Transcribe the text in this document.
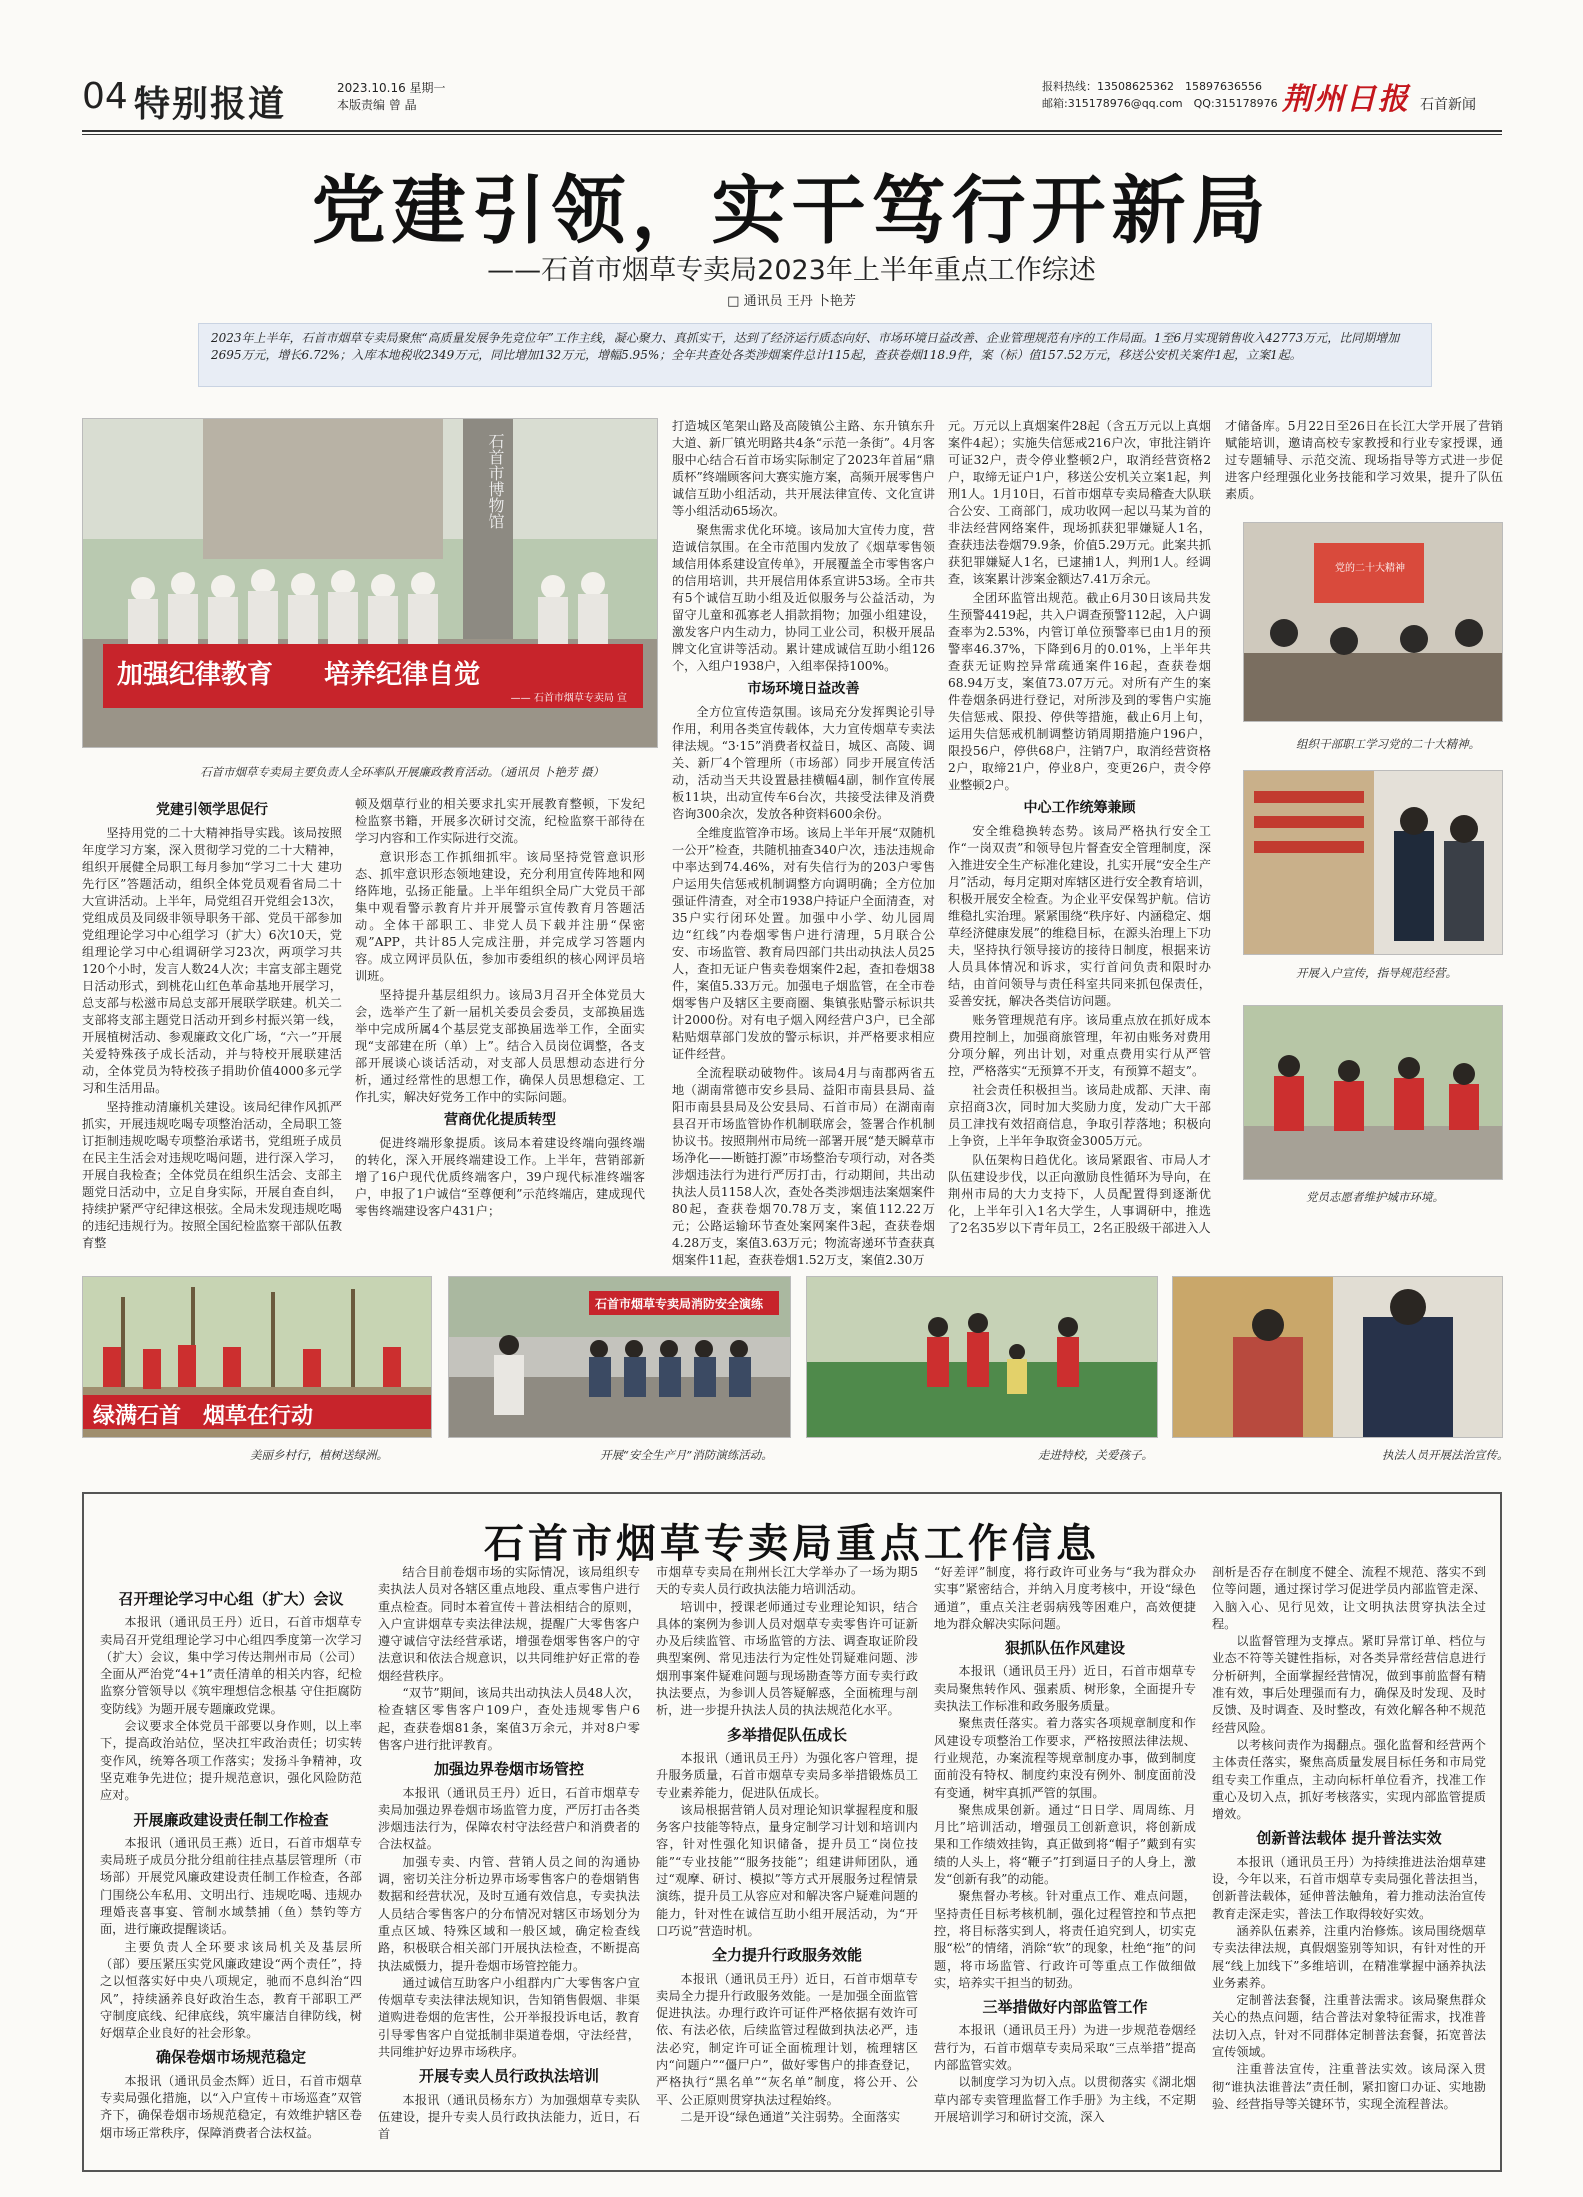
04 特别报道	2023.10.16 星期一
本版责编 曾 晶
报料热线：13508625362　15897636556
邮箱:315178976@qq.com　QQ:315178976 荆州日报 石首新闻
党建引领，实干笃行开新局
——石首市烟草专卖局2023年上半年重点工作综述
□ 通讯员 王丹 卜艳芳
2023年上半年，石首市烟草专卖局聚焦“高质量发展争先竞位年”工作主线，凝心聚力、真抓实干，达到了经济运行质态向好、市场环境日益改善、企业管理规范有序的工作局面。1至6月实现销售收入42773万元，比同期增加2695万元，增长6.72%；入库本地税收2349万元，同比增加132万元，增幅5.95%；全年共查处各类涉烟案件总计115起，查获卷烟118.9件，案（标）值157.52万元，移送公安机关案件1起，立案1起。
石首市博物馆
加强纪律教育 培养纪律自觉
—— 石首市烟草专卖局 宣
石首市烟草专卖局主要负责人全环率队开展廉政教育活动。（通讯员 卜艳芳 摄）
党建引领学思促行

坚持用党的二十大精神指导实践。该局按照年度学习方案，深入贯彻学习党的二十大精神，组织开展健全局职工每月参加“学习二十大 建功先行区”答题活动，组织全体党员观看省局二十大宣讲活动。上半年，局党组召开党组会13次，党组成员及同级非领导职务干部、党员干部参加党组理论学习中心组学习（扩大）6次10天，党组理论学习中心组调研学习23次，两项学习共120个小时，发言人数24人次；丰富支部主题党日活动形式，到桃花山红色革命基地开展学习，总支部与松滋市局总支部开展联学联建。机关二支部将支部主题党日活动开到乡村振兴第一线，开展植树活动、参观廉政文化广场，“六一”开展关爱特殊孩子成长活动，并与特校开展联建活动，全体党员为特校孩子捐助价值4000多元学习和生活用品。

坚持推动清廉机关建设。该局纪律作风抓严抓实，开展违规吃喝专项整治活动，全局职工签订拒制违规吃喝专项整治承诺书，党组班子成员在民主生活会对违规吃喝问题，进行深入学习，开展自我检查；全体党员在组织生活会、支部主题党日活动中，立足自身实际，开展自查自纠，持续护紧严守纪律这根弦。全局未发现违规吃喝的违纪违规行为。按照全国纪检监察干部队伍教育整

顿及烟草行业的相关要求扎实开展教育整顿，下发纪检监察书籍，开展多次研讨交流，纪检监察干部待在学习内容和工作实际进行交流。

意识形态工作抓细抓牢。该局坚持党管意识形态、抓牢意识形态领地建设，充分利用宣传阵地和网络阵地，弘扬正能量。上半年组织全局广大党员干部集中观看警示教育片并开展警示宣传教育月答题活动。全体干部职工、非党人员下载并注册“保密观”APP，共计85人完成注册，并完成学习答题内容。成立网评员队伍，参加市委组织的核心网评员培训班。

坚持提升基层组织力。该局3月召开全体党员大会，选举产生了新一届机关委员会委员，支部换届选举中完成所属4个基层党支部换届选举工作，全面实现“支部建在所（单）上”。结合入员岗位调整，各支部开展谈心谈话活动，对支部人员思想动态进行分析，通过经常性的思想工作，确保人员思想稳定、工作扎实，解决好党务工作中的实际问题。

营商优化提质转型

促进终端形象提质。该局本着建设终端向强终端的转化，深入开展终端建设工作。上半年，营销部新增了16户现代优质终端客户，39户现代标准终端客户，申报了1户诚信“至尊便利”示范终端店，建成现代零售终端建设客户431户；

打造城区笔架山路及高陵镇公主路、东升镇东升大道、新厂镇光明路共4条“示范一条街”。4月客服中心结合石首市场实际制定了2023年首届“鼎质杯”终端顾客问大赛实施方案，高频开展零售户诚信互助小组活动，共开展法律宣传、文化宣讲等小组活动65场次。

聚焦需求优化环境。该局加大宣传力度，营造诚信氛围。在全市范围内发放了《烟草零售领域信用体系建设宣传单》，开展覆盖全市零售客户的信用培训，共开展信用体系宣讲53场。全市共有5个诚信互助小组及近似服务与公益活动，为留守儿童和孤寡老人捐款捐物；加强小组建设，激发客户内生动力，协同工业公司，积极开展品牌文化宣讲等活动。累计建成诚信互助小组126个，入组户1938户，入组率保持100%。

市场环境日益改善

全方位宣传造氛围。该局充分发挥舆论引导作用，利用各类宣传载体，大力宣传烟草专卖法律法规。“3·15”消费者权益日，城区、高陵、调关、新厂4个管理所（市场部）同步开展宣传活动，活动当天共设置悬挂横幅4副，制作宣传展板11块，出动宣传车6台次，共接受法律及消费咨询300余次，发放各种资料600余份。

全维度监管净市场。该局上半年开展“双随机一公开”检查，共随机抽查340户次，违法违规命中率达到74.46%，对有失信行为的203户零售户运用失信惩戒机制调整方向调明确；全方位加强证件清查，对全市1938户持证户全面清查，对35户实行闭环处置。加强中小学、幼儿园周边“红线”内卷烟零售户进行清理，5月联合公安、市场监管、教育局四部门共出动执法人员25人，查扣无证户售卖卷烟案件2起，查扣卷烟38件，案值5.33万元。加强电子烟监管，在全市卷烟零售户及辖区主要商圈、集镇张贴警示标识共计2000份。对有电子烟入网经营户3户，已全部粘贴烟草部门发放的警示标识，并严格要求相应证件经营。

全流程联动破物件。该局4月与南郡两省五地（湖南常德市安乡县局、益阳市南县县局、益阳市南县县局及公安县局、石首市局）在湖南南县召开市场监管协作机制联席会，签署合作机制协议书。按照荆州市局统一部署开展“楚天瞬草市场净化——断链打源”市场整治专项行动，对各类涉烟违法行为进行严厉打击，行动期间，共出动执法人员1158人次，查处各类涉烟违法案烟案件80起，查获卷烟70.78万支，案值112.22万元；公路运输环节查处案网案件3起，查获卷烟4.28万支，案值3.63万元；物流寄递环节查获真烟案件11起，查获卷烟1.52万支，案值2.30万

元。万元以上真烟案件28起（含五万元以上真烟案件4起）；实施失信惩戒216户次，审批注销许可证32户，责令停业整顿2户，取消经营资格2户，取缔无证户1户，移送公安机关立案1起，判刑1人。1月10日，石首市烟草专卖局稽查大队联合公安、工商部门，成功收网一起以马某为首的非法经营网络案件，现场抓获犯罪嫌疑人1名，查获违法卷烟79.9条，价值5.29万元。此案共抓获犯罪嫌疑人1名，已逮捕1人，判刑1人。经调查，该案累计涉案金额达7.41万余元。

全团环监管出规范。截止6月30日该局共发生预警4419起，共入户调查预警112起，入户调查率为2.53%，内管订单位预警率已由1月的预警率46.37%，下降到6月的0.01%，上半年共查获无证购控异常疏通案件16起，查获卷烟68.94万支，案值73.07万元。对所有产生的案件卷烟条码进行登记，对所涉及到的零售户实施失信惩戒、限投、停供等措施，截止6月上旬，运用失信惩戒机制调整访销周期措施户196户，限投56户，停供68户，注销7户，取消经营资格2户，取缔21户，停业8户，变更26户，责令停业整顿2户。

中心工作统筹兼顾

安全维稳换转态势。该局严格执行安全工作“一岗双责”和领导包片督查安全管理制度，深入推进安全生产标准化建设，扎实开展“安全生产月”活动，每月定期对库辖区进行安全教育培训，积极开展安全检查。为企业平安保驾护航。信访维稳扎实治理。紧紧围绕“秩序好、内涵稳定、烟草经济健康发展”的维稳目标，在源头治理上下功夫，坚持执行领导接访的接待日制度，根据来访人员具体情况和诉求，实行首问负责和限时办结，由首问领导与责任科室共同来抓包保责任，妥善安抚，解决各类信访问题。

账务管理规范有序。该局重点放在抓好成本费用控制上，加强商旅管理，年初由账务对费用分项分解，列出计划，对重点费用实行从严管控，严格落实“无预算不开支，有预算不超支”。

社会责任积极担当。该局赴成都、天津、南京招商3次，同时加大奖励力度，发动广大干部员工津找有效招商信息，争取引荐落地；积极向上争资，上半年争取资金3005万元。

队伍架构日趋优化。该局紧跟省、市局人才队伍建设步伐，以正向激励良性循环为导向，在荆州市局的大力支持下，人员配置得到逐渐优化，上半年引入1名大学生，人事调研中，推选了2名35岁以下青年员工，2名正股级干部进入人

才储备库。5月22日至26日在长江大学开展了营销赋能培训，邀请高校专家教授和行业专家授课，通过专题辅导、示范交流、现场指导等方式进一步促进客户经理强化业务技能和学习效果，提升了队伍素质。

党的二十大精神
组织干部职工学习党的二十大精神。
开展入户宣传，指导规范经营。
党员志愿者维护城市环境。
绿满石首　烟草在行动
美丽乡村行，植树送绿洲。
石首市烟草专卖局消防安全演练
开展“安全生产月”消防演练活动。	走进特校，关爱孩子。	执法人员开展法治宣传。
石首市烟草专卖局重点工作信息
召开理论学习中心组（扩大）会议

本报讯（通讯员王丹）近日，石首市烟草专卖局召开党组理论学习中心组四季度第一次学习（扩大）会议，集中学习传达荆州市局（公司）全面从严治党“4+1”责任清单的相关内容，纪检监察分管领导以《筑牢理想信念根基 守住拒腐防变防线》为题开展专题廉政党课。

会议要求全体党员干部要以身作则，以上率下，提高政治站位，坚决扛牢政治责任；切实转变作风，统筹各项工作落实；发扬斗争精神，攻坚克难争先进位；提升规范意识，强化风险防范应对。

开展廉政建设责任制工作检查

本报讯（通讯员王燕）近日，石首市烟草专卖局班子成员分批分组前往挂点基层管理所（市场部）开展党风廉政建设责任制工作检查，各部门围绕公车私用、文明出行、违规吃喝、违规办理婚丧喜事宴、管制水域禁捕（鱼）禁钓等方面，进行廉政提醒谈话。

主要负责人全环要求该局机关及基层所（部）要压紧压实党风廉政建设“两个责任”，持之以恒落实好中央八项规定，驰而不息纠治“四风”，持续涵养良好政治生态，教育干部职工严守制度底线、纪律底线，筑牢廉洁自律防线，树好烟草企业良好的社会形象。

确保卷烟市场规范稳定

本报讯（通讯员金杰辉）近日，石首市烟草专卖局强化措施，以“入户宣传＋市场巡查”双管齐下，确保卷烟市场规范稳定，有效维护辖区卷烟市场正常秩序，保障消费者合法权益。

结合目前卷烟市场的实际情况，该局组织专卖执法人员对各辖区重点地段、重点零售户进行重点检查。同时本着宣传＋普法相结合的原则，入户宣讲烟草专卖法律法规，提醒广大零售客户遵守诚信守法经营承诺，增强卷烟零售客户的守法意识和依法合规意识，以共同维护好正常的卷烟经营秩序。

“双节”期间，该局共出动执法人员48人次，检查辖区零售客户109户，查处违规零售户6起，查获卷烟81条，案值3万余元，并对8户零售客户进行批评教育。

加强边界卷烟市场管控

本报讯（通讯员王丹）近日，石首市烟草专卖局加强边界卷烟市场监管力度，严厉打击各类涉烟违法行为，保障农村守法经营户和消费者的合法权益。

加强专卖、内管、营销人员之间的沟通协调，密切关注分析边界市场零售客户的卷烟销售数据和经营状况，及时互通有效信息，专卖执法人员结合零售客户的分布情况对辖区市场划分为重点区域、特殊区域和一般区域，确定检查线路，积极联合相关部门开展执法检查，不断提高执法威慑力，提升卷烟市场管控能力。

通过诚信互助客户小组群内广大零售客户宣传烟草专卖法律法规知识，告知销售假烟、非渠道购进卷烟的危害性，公开举报投诉电话，教育引导零售客户自觉抵制非渠道卷烟，守法经营，共同维护好边界市场秩序。

开展专卖人员行政执法培训

本报讯（通讯员杨东方）为加强烟草专卖队伍建设，提升专卖人员行政执法能力，近日，石首

市烟草专卖局在荆州长江大学举办了一场为期5天的专卖人员行政执法能力培训活动。

培训中，授课老师通过专业理论知识，结合具体的案例为参训人员对烟草专卖零售许可证新办及后续监管、市场监管的方法、调查取证阶段典型案例、常见违法行为定性处罚疑难问题、涉烟刑事案件疑难问题与现场勘查等方面专卖行政执法要点，为参训人员答疑解惑，全面梳理与剖析，进一步提升执法人员的执法规范化水平。

多举措促队伍成长

本报讯（通讯员王丹）为强化客户管理，提升服务质量，石首市烟草专卖局多举措锻炼员工专业素养能力，促进队伍成长。

该局根据营销人员对理论知识掌握程度和服务客户技能等特点，量身定制学习计划和培训内容，针对性强化知识储备，提升员工“岗位技能”“专业技能”“服务技能”；组建讲师团队，通过“观摩、研讨、模拟”等方式开展服务过程情景演练，提升员工从容应对和解决客户疑难问题的能力，针对性在诚信互助小组开展活动，为“开口巧说”营造时机。

全力提升行政服务效能

本报讯（通讯员王丹）近日，石首市烟草专卖局全力提升行政服务效能。一是加强全面监管促进执法。办理行政许可证件严格依据有效许可依、有法必依，后续监管过程做到执法必严，违法必究，制定许可证全面梳理计划，梳理辖区内“问题户”“僵尸户”，做好零售户的排查登记，严格执行“黑名单”“灰名单”制度，将公开、公平、公正原则贯穿执法过程始终。

二是开设“绿色通道”关注弱势。全面落实

“好差评”制度，将行政许可业务与“我为群众办实事”紧密结合，并纳入月度考核中，开设“绿色通道”，重点关注老弱病残等困难户，高效便捷地为群众解决实际问题。

狠抓队伍作风建设

本报讯（通讯员王丹）近日，石首市烟草专卖局聚焦转作风、强素质、树形象，全面提升专卖执法工作标准和政务服务质量。

聚焦责任落实。着力落实各项规章制度和作风建设专项整治工作要求，严格按照法律法规、行业规范，办案流程等规章制度办事，做到制度面前没有特权、制度约束没有例外、制度面前没有变通，树牢真抓严管的氛围。

聚焦成果创新。通过“日日学、周周练、月月比”培训活动，增强员工创新意识，将创新成果和工作绩效挂钩，真正做到将“帽子”戴到有实绩的人头上，将“鞭子”打到逼日子的人身上，激发“创新有我”的动能。

聚焦督办考核。针对重点工作、难点问题，坚持责任目标考核机制，强化过程管控和节点把控，将目标落实到人，将责任追究到人，切实克服“松”的情绪，消除“软”的现象，杜绝“拖”的问题，将市场监管、行政许可等重点工作做细做实，培养实干担当的韧劲。

三举措做好内部监管工作

本报讯（通讯员王丹）为进一步规范卷烟经营行为，石首市烟草专卖局采取“三点举措”提高内部监管实效。

以制度学习为切入点。以贯彻落实《湖北烟草内部专卖管理监督工作手册》为主线，不定期开展培训学习和研讨交流，深入

剖析是否存在制度不健全、流程不规范、落实不到位等问题，通过探讨学习促进学员内部监管走深、入脑入心、见行见效，让文明执法贯穿执法全过程。

以监督管理为支撑点。紧盯异常订单、档位与业态不符等关键性指标，对各类异常经营信息进行分析研判，全面掌握经营情况，做到事前监督有精准有效，事后处理强而有力，确保及时发现、及时反馈、及时调查、及时整改，有效化解各种不规范经营风险。

以考核问责作为揭翻点。强化监督和经营两个主体责任落实，聚焦高质量发展目标任务和市局党组专卖工作重点，主动向标杆单位看齐，找准工作重心及切入点，抓好考核落实，实现内部监管提质增效。

创新普法载体 提升普法实效

本报讯（通讯员王丹）为持续推进法治烟草建设，今年以来，石首市烟草专卖局强化普法担当，创新普法载体，延伸普法触角，着力推动法治宣传教育走深走实，普法工作取得较好实效。

涵养队伍素养，注重内治修炼。该局围绕烟草专卖法律法规，真假烟鉴别等知识，有针对性的开展“线上加线下”多维培训，在精准掌握中涵养执法业务素养。

定制普法套餐，注重普法需求。该局聚焦群众关心的热点问题，结合普法对象特征需求，找准普法切入点，针对不同群体定制普法套餐，拓宽普法宣传领域。

注重普法宣传，注重普法实效。该局深入贯彻“谁执法谁普法”责任制，紧扣窗口办证、实地勘验、经营指导等关键环节，实现全流程普法。
